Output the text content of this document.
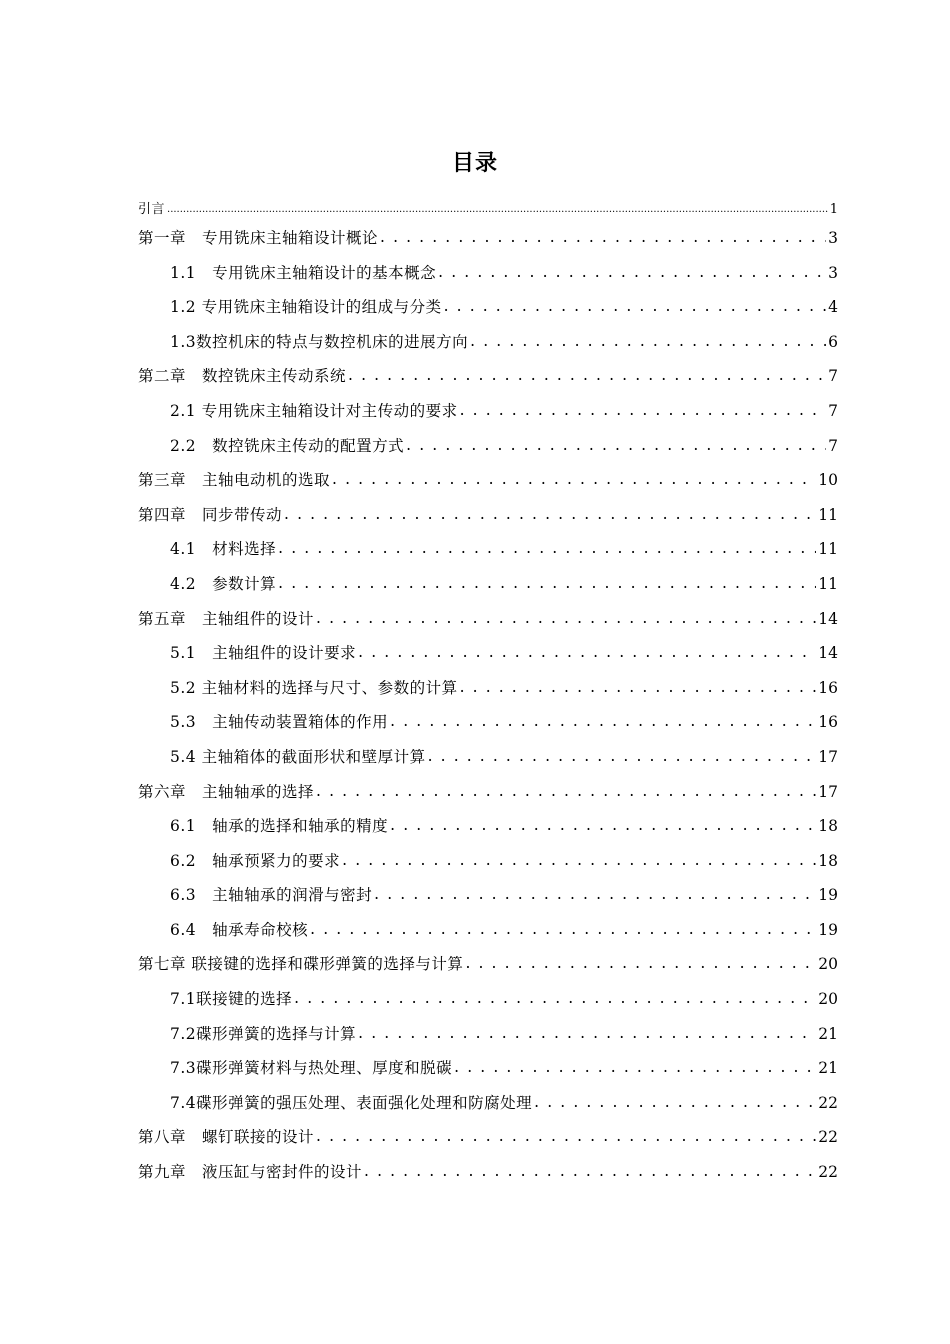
目录
引言 .....	1
第一章　专用铣床主轴箱设计概论 . . .	3
1.1　专用铣床主轴箱设计的基本概念 . . .	3
1.2 专用铣床主轴箱设计的组成与分类 . . .	4
1.3数控机床的特点与数控机床的进展方向 . . .	6
第二章　数控铣床主传动系统 . . .	7
2.1 专用铣床主轴箱设计对主传动的要求 . . .	7
2.2　数控铣床主传动的配置方式 . . .	7
第三章　主轴电动机的选取 . . .	10
第四章　同步带传动 . . .	11
4.1　材料选择 . . .	11
4.2　参数计算 . . .	11
第五章　主轴组件的设计 . . .	14
5.1　主轴组件的设计要求 . . .	14
5.2 主轴材料的选择与尺寸、参数的计算 . . .	16
5.3　主轴传动装置箱体的作用 . . .	16
5.4 主轴箱体的截面形状和壁厚计算 . . .	17
第六章　主轴轴承的选择 . . .	17
6.1　轴承的选择和轴承的精度 . . .	18
6.2　轴承预紧力的要求 . . .	18
6.3　主轴轴承的润滑与密封 . . .	19
6.4　轴承寿命校核 . . .	19
第七章 联接键的选择和碟形弹簧的选择与计算 . . .	20
7.1联接键的选择 . . .	20
7.2碟形弹簧的选择与计算 . . .	21
7.3碟形弹簧材料与热处理、厚度和脱碳 . . .	21
7.4碟形弹簧的强压处理、表面强化处理和防腐处理 . . .	22
第八章　螺钉联接的设计 . . .	22
第九章　液压缸与密封件的设计 . . .	22
